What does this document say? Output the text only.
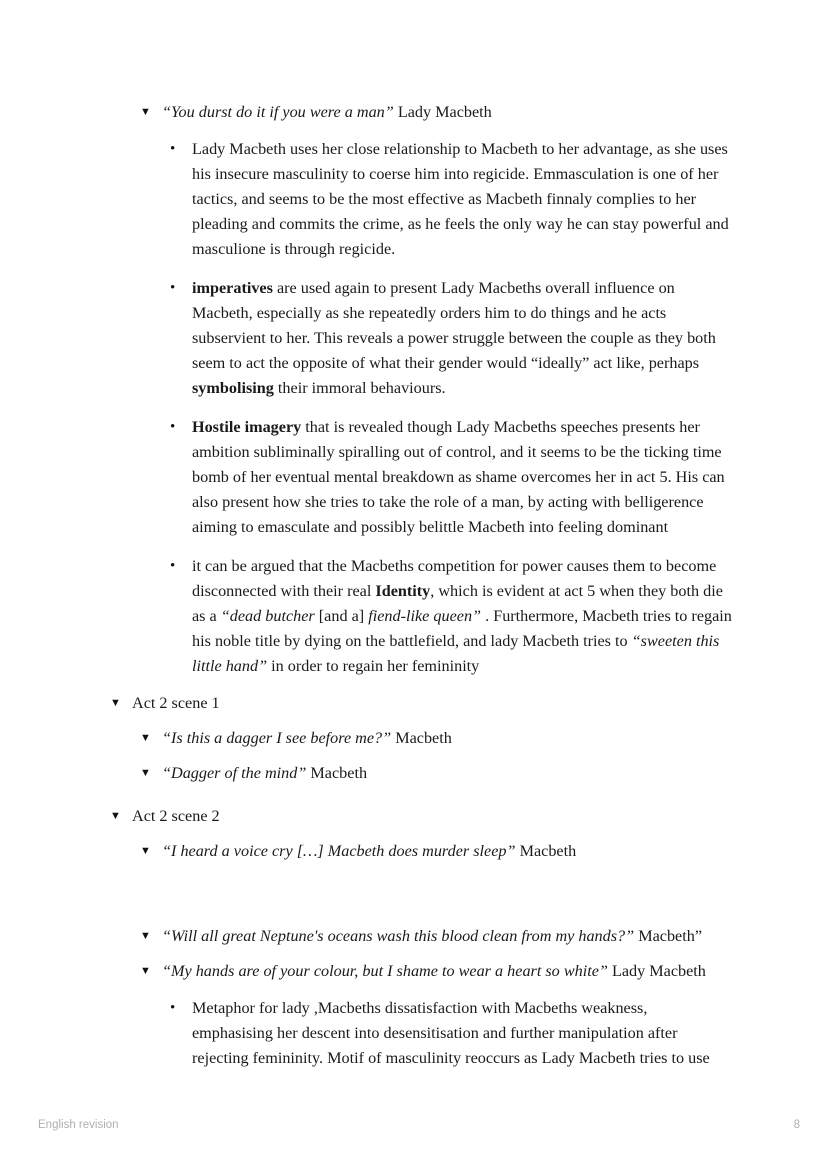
▼ “You durst do it if you were a man” Lady Macbeth
•	Lady Macbeth uses her close relationship to Macbeth to her advantage, as she uses his insecure masculinity to coerse him into regicide. Emmasculation is one of her tactics, and seems to be the most effective as Macbeth finnaly complies to her pleading and commits the crime, as he feels the only way he can stay powerful and masculione is through regicide.
•	imperatives are used again to present Lady Macbeths overall influence on Macbeth, especially as she repeatedly orders him to do things and he acts subservient to her. This reveals a power struggle between the couple as they both seem to act the opposite of what their gender would “ideally” act like, perhaps symbolising their immoral behaviours.
•	Hostile imagery that is revealed though Lady Macbeths speeches presents her ambition subliminally spiralling out of control, and it seems to be the ticking time bomb of her eventual mental breakdown as shame overcomes her in act 5. His can also present how she tries to take the role of a man, by acting with belligerence aiming to emasculate and possibly belittle Macbeth into feeling dominant
•	it can be argued that the Macbeths competition for power causes them to become disconnected with their real Identity, which is evident at act 5 when they both die as a “dead butcher [and a] fiend-like queen” . Furthermore, Macbeth tries to regain his noble title by dying on the battlefield, and lady Macbeth tries to “sweeten this little hand” in order to regain her femininity
▼ Act 2 scene 1
▼ “Is this a dagger I see before me?” Macbeth
▼ “Dagger of the mind” Macbeth
▼ Act 2 scene 2
▼ “I heard a voice cry […] Macbeth does murder sleep” Macbeth
▼ “Will all great Neptune's oceans wash this blood clean from my hands?” Macbeth”
▼ “My hands are of your colour, but I shame to wear a heart so white” Lady Macbeth
•	Metaphor for lady ,Macbeths dissatisfaction with Macbeths weakness, emphasising her descent into desensitisation and further manipulation after rejecting femininity. Motif of masculinity reoccurs as Lady Macbeth tries to use
English revision	8
